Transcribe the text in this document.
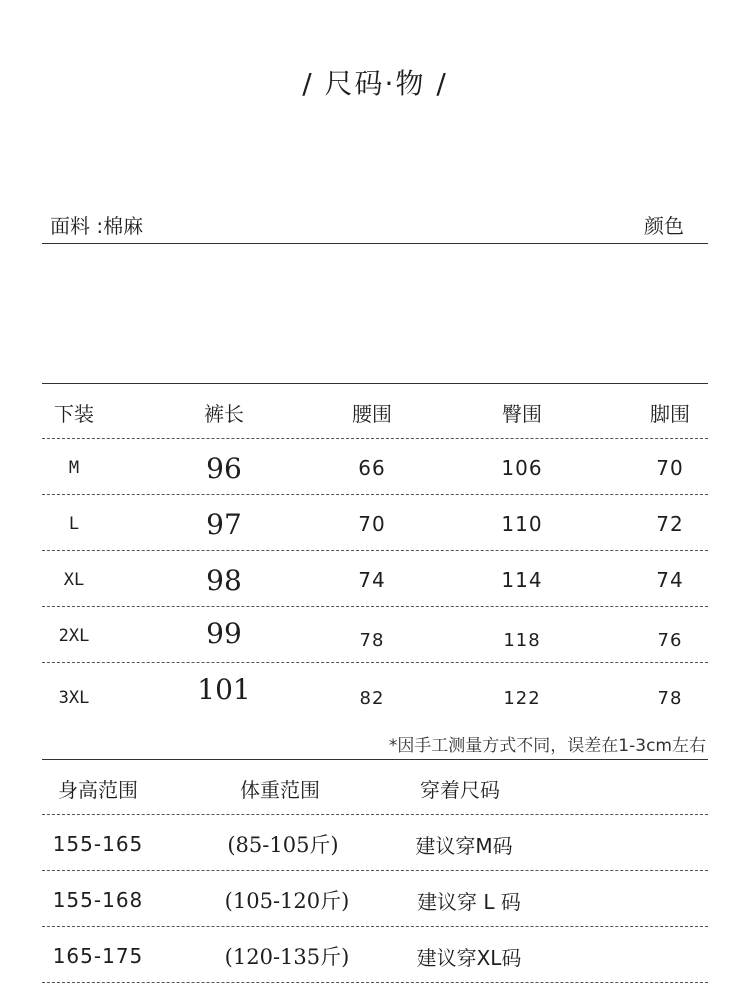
/ 尺码·物 /
面料 :棉麻	颜色
下装	裤长	腰围	臀围	脚围
M	96	66	106	70
L	97	70	110	72
XL	98	74	114	74
2XL	99	78	118	76
3XL	101	82	122	78
*因手工测量方式不同，误差在1-3cm左右
身高范围	体重范围	穿着尺码
155-165	(85-105斤)	建议穿M码
155-168	(105-120斤)	建议穿 L 码
165-175	(120-135斤)	建议穿XL码
